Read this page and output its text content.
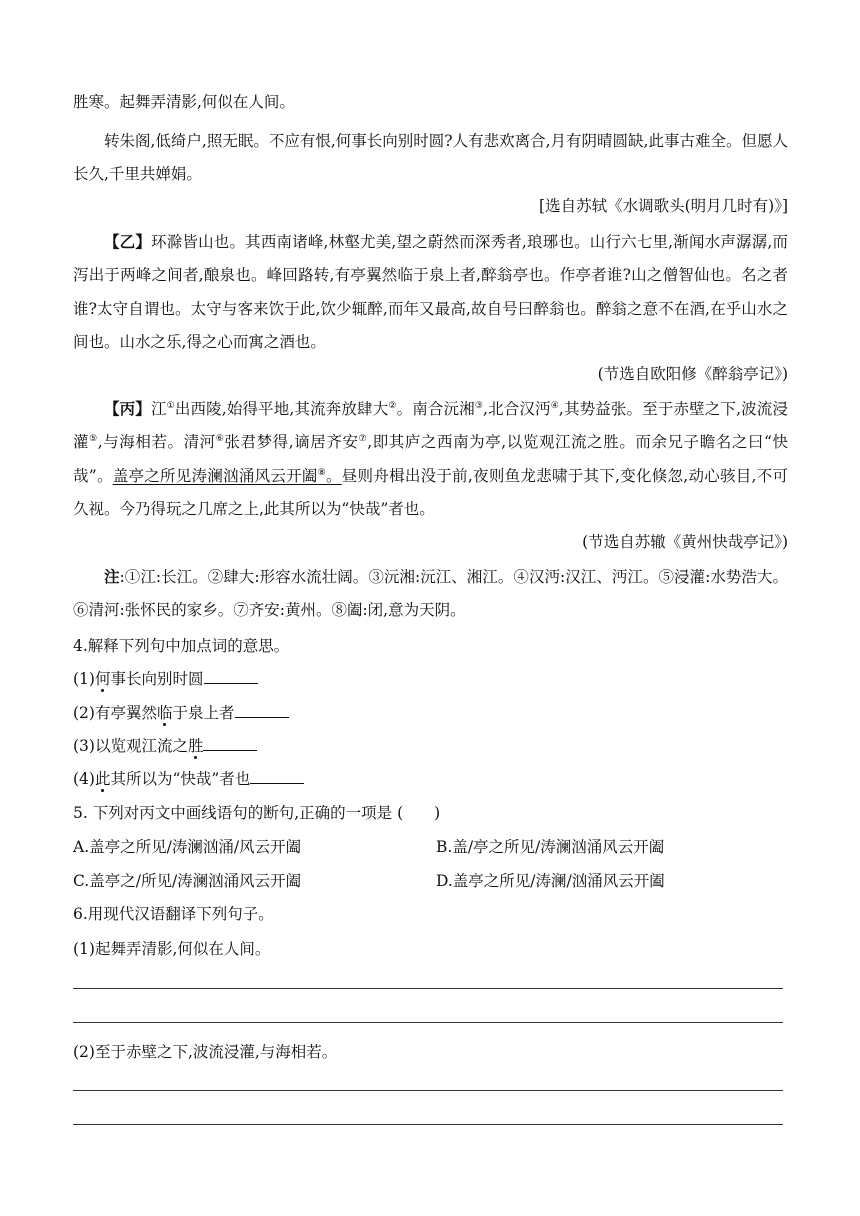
胜寒。起舞弄清影,何似在人间。
转朱阁,低绮户,照无眠。不应有恨,何事长向别时圆?人有悲欢离合,月有阴晴圆缺,此事古难全。但愿人长久,千里共婵娟。
[选自苏轼《水调歌头(明月几时有)》]
【乙】环滁皆山也。其西南诸峰,林壑尤美,望之蔚然而深秀者,琅琊也。山行六七里,渐闻水声潺潺,而泻出于两峰之间者,酿泉也。峰回路转,有亭翼然临于泉上者,醉翁亭也。作亭者谁?山之僧智仙也。名之者谁?太守自谓也。太守与客来饮于此,饮少辄醉,而年又最高,故自号曰醉翁也。醉翁之意不在酒,在乎山水之间也。山水之乐,得之心而寓之酒也。
(节选自欧阳修《醉翁亭记》)
【丙】江①出西陵,始得平地,其流奔放肆大②。南合沅湘③,北合汉沔④,其势益张。至于赤壁之下,波流浸灌⑤,与海相若。清河⑥张君梦得,谪居齐安⑦,即其庐之西南为亭,以览观江流之胜。而余兄子瞻名之曰“快哉”。盖亭之所见涛澜汹涌风云开阖⑧。昼则舟楫出没于前,夜则鱼龙悲啸于其下,变化倏忽,动心骇目,不可久视。今乃得玩之几席之上,此其所以为“快哉”者也。
(节选自苏辙《黄州快哉亭记》)
注:①江:长江。②肆大:形容水流壮阔。③沅湘:沅江、湘江。④汉沔:汉江、沔江。⑤浸灌:水势浩大。⑥清河:张怀民的家乡。⑦齐安:黄州。⑧阖:闭,意为天阴。
4.解释下列句中加点词的意思。
(1)何事长向别时圆
(2)有亭翼然临于泉上者
(3)以览观江流之胜
(4)此其所以为“快哉”者也
5. 下列对丙文中画线语句的断句,正确的一项是 (　　)
A.盖亭之所见/涛澜汹涌/风云开阖	B.盖/亭之所见/涛澜汹涌风云开阖
C.盖亭之/所见/涛澜汹涌风云开阖	D.盖亭之所见/涛澜/汹涌风云开阖
6.用现代汉语翻译下列句子。
(1)起舞弄清影,何似在人间。
(2)至于赤壁之下,波流浸灌,与海相若。
